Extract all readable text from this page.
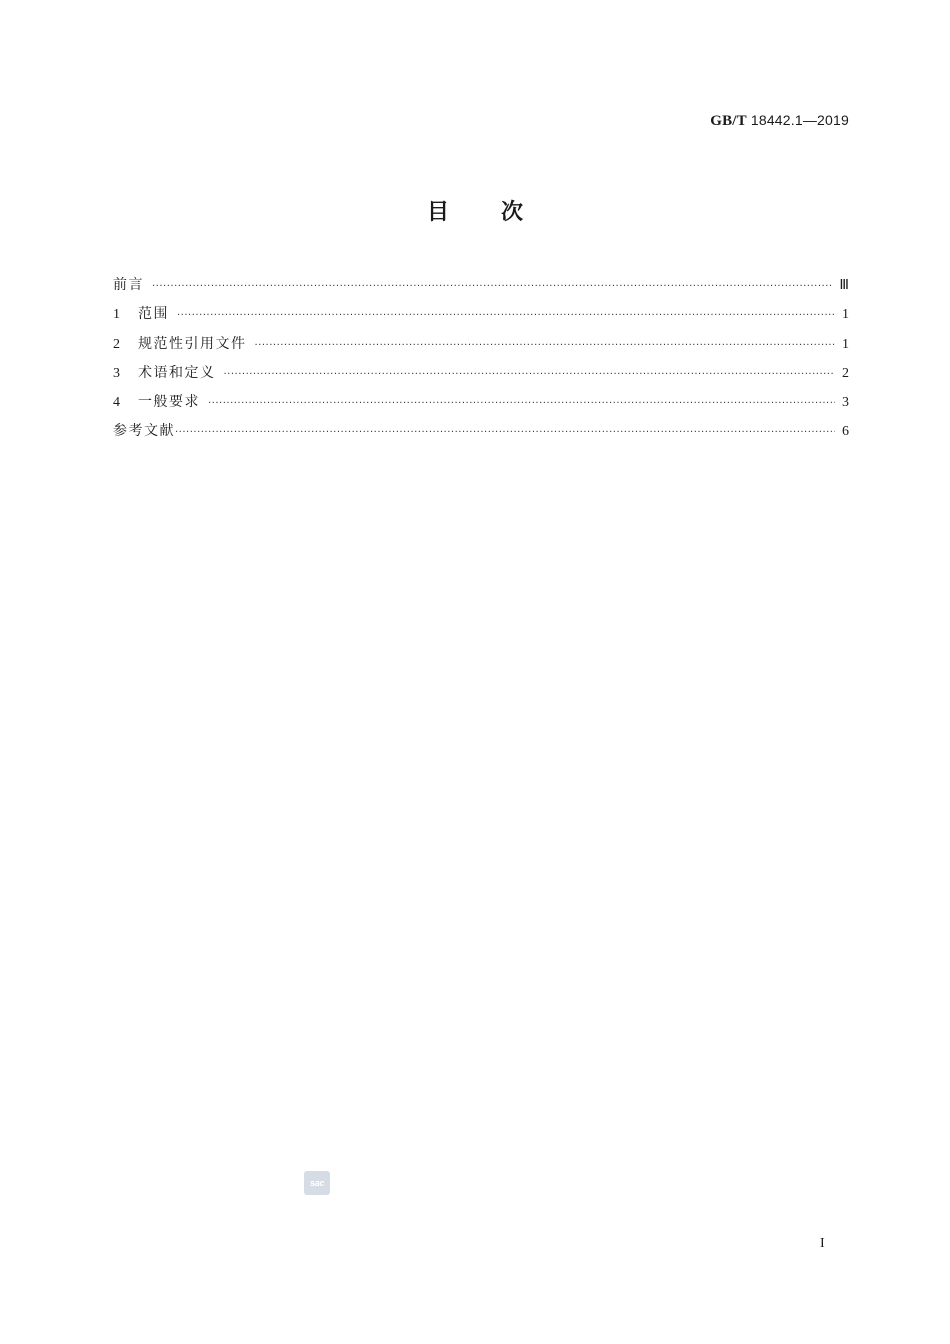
GB/T 18442.1—2019
目 次
前言 ·····	Ⅲ
1	范围 ·····	1
2	规范性引用文件 ·····	1
3	术语和定义 ·····	2
4	一般要求 ·····	3
参考文献 ·····	6
sac
I
